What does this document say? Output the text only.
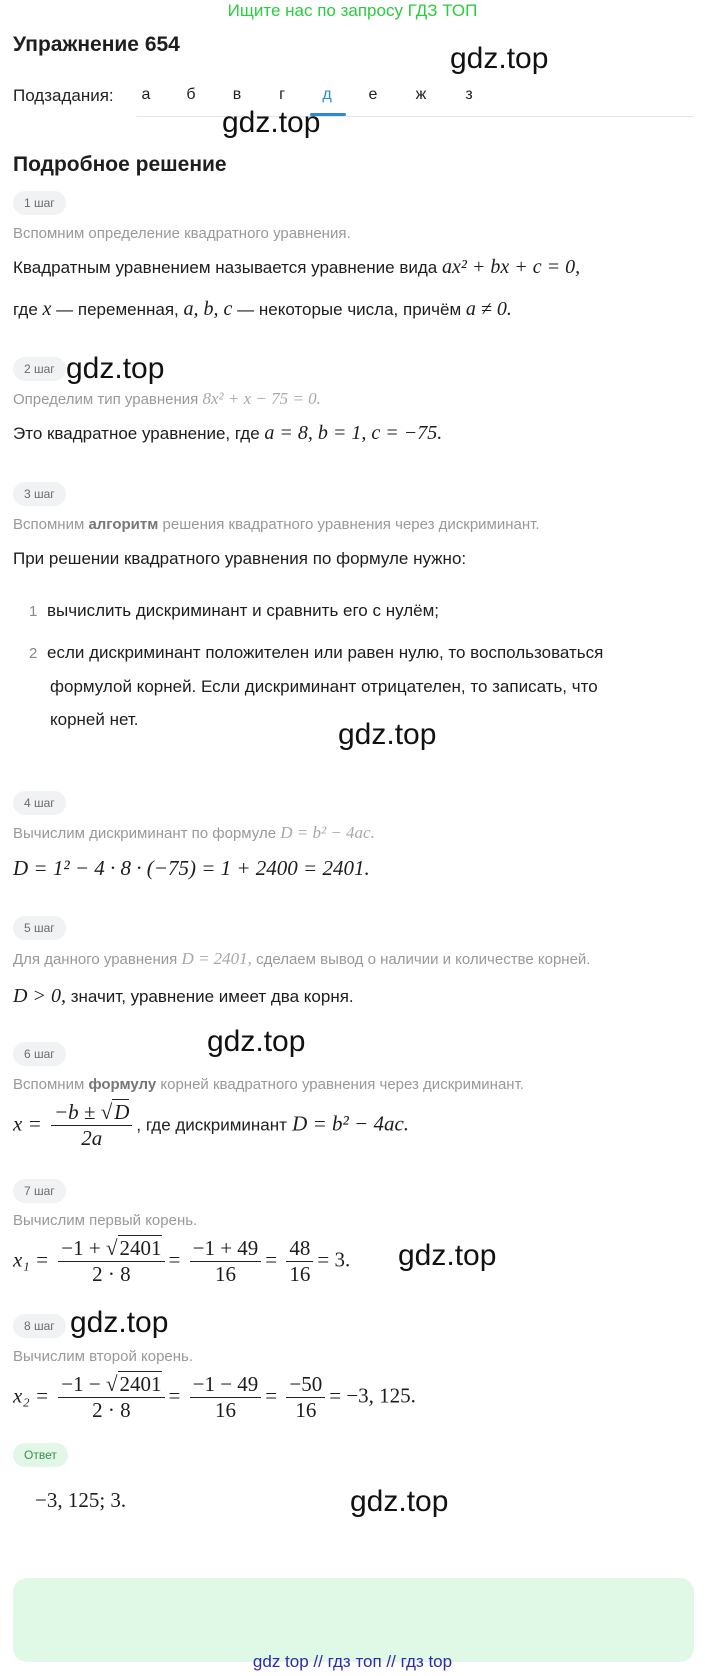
Ищите нас по запросу ГДЗ ТОП
Упражнение 654	gdz.top
Подзадания:	а	б	в	г	д	е	ж	з
gdz.top
Подробное решение
1 шаг
Вспомним определение квадратного уравнения.
Квадратным уравнением называется уравнение вида ax² + bx + c = 0,
где x — переменная, a, b, c — некоторые числа, причём a ≠ 0.
2 шаг gdz.top
Определим тип уравнения 8x² + x − 75 = 0.
Это квадратное уравнение, где a = 8, b = 1, c = −75.
3 шаг
Вспомним алгоритм решения квадратного уравнения через дискриминант.
При решении квадратного уравнения по формуле нужно:
1 вычислить дискриминант и сравнить его с нулём;
2 если дискриминант положителен или равен нулю, то воспользоваться
формулой корней. Если дискриминант отрицателен, то записать, что
корней нет.	gdz.top
4 шаг
Вычислим дискриминант по формуле D = b² − 4ac.
D = 1² − 4 · 8 · (−75) = 1 + 2400 = 2401.
5 шаг
Для данного уравнения D = 2401, сделаем вывод о наличии и количестве корней.
D > 0, значит, уравнение имеет два корня.
gdz.top
6 шаг
Вспомним формулу корней квадратного уравнения через дискриминант.
$x = \frac{-b \pm √D}{2a}$ , где дискриминант D = b² − 4ac.
7 шаг
Вычислим первый корень.
$x_1 = \frac{-1 + √2401}{2 \cdot 8} = \frac{-1 + 49}{16} = \frac{48}{16} = 3$. gdz.top
8 шаг gdz.top
Вычислим второй корень.
$x_2 = \frac{-1 - √2401}{2 \cdot 8} = \frac{-1 - 49}{16} = \frac{-50}{16} = -3$, 125.
Ответ
−3, 125; 3.	gdz.top
gdz top // гдз топ // гдз top
